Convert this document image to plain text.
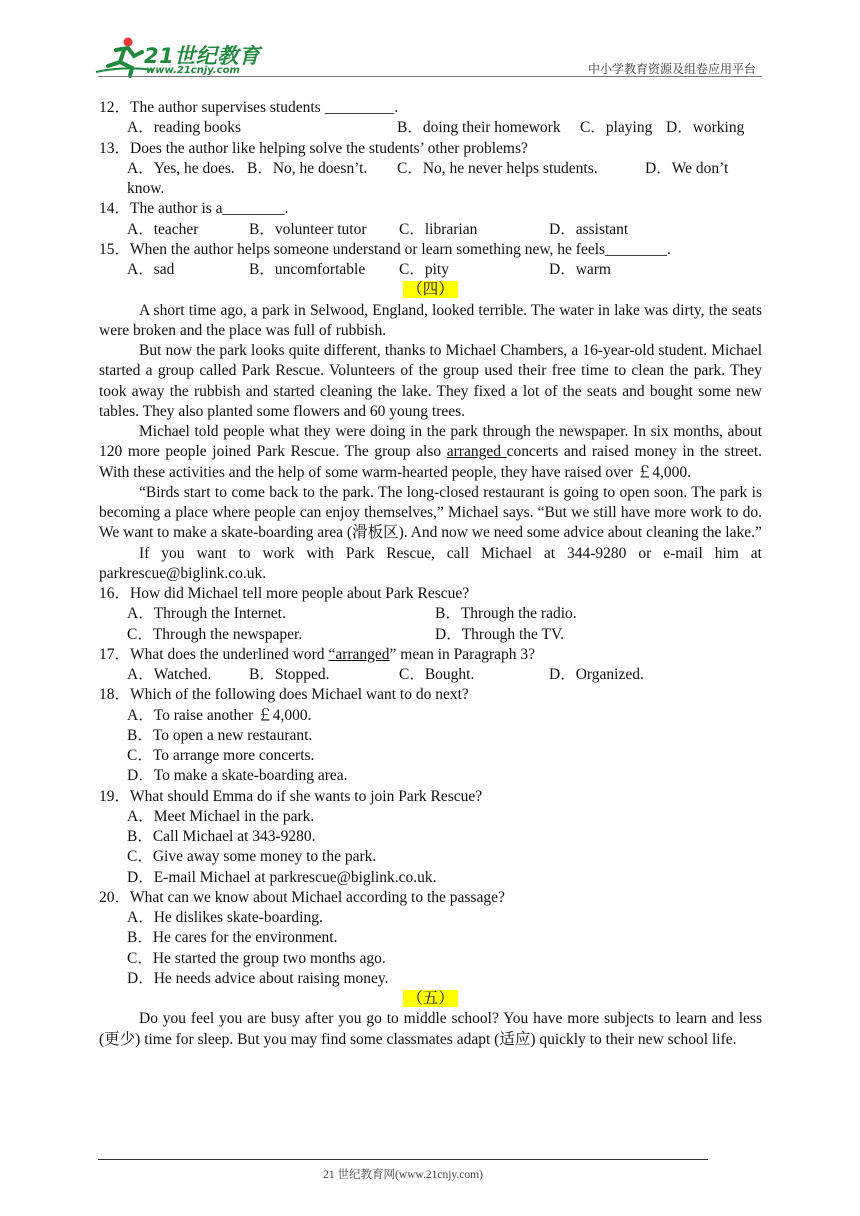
21世纪教育
www.21cnjy.com	中小学教育资源及组卷应用平台

12．The author supervises students _________.

A．reading books	B．doing their homework	C．playing D．working

13．Does the author like helping solve the students’ other problems?

A．Yes, he does. B．No, he doesn’t.	C．No, he never helps students.	D．We don’t

know.

14．The author is a________.

A．teacher	B．volunteer tutor	C．librarian	D．assistant

15．When the author helps someone understand or learn something new, he feels________.

A．sad	B．uncomfortable	C．pity	D．warm

（四）

A short time ago, a park in Selwood, England, looked terrible. The water in lake was dirty, the seats were broken and the place was full of rubbish.

But now the park looks quite different, thanks to Michael Chambers, a 16-year-old student. Michael started a group called Park Rescue. Volunteers of the group used their free time to clean the park. They took away the rubbish and started cleaning the lake. They fixed a lot of the seats and bought some new tables. They also planted some flowers and 60 young trees.

Michael told people what they were doing in the park through the newspaper. In six months, about 120 more people joined Park Rescue. The group also arranged concerts and raised money in the street. With these activities and the help of some warm-hearted people, they have raised over ￡4,000.

“Birds start to come back to the park. The long-closed restaurant is going to open soon. The park is becoming a place where people can enjoy themselves,” Michael says. “But we still have more work to do. We want to make a skate-boarding area (滑板区). And now we need some advice about cleaning the lake.”

If you want to work with Park Rescue, call Michael at 344-9280 or e-mail him at parkrescue@biglink.co.uk.

16．How did Michael tell more people about Park Rescue?

A．Through the Internet.	B．Through the radio.

C．Through the newspaper.	D．Through the TV.

17．What does the underlined word “arranged” mean in Paragraph 3?

A．Watched.	B．Stopped.	C．Bought.	D．Organized.

18．Which of the following does Michael want to do next?

A．To raise another ￡4,000.

B．To open a new restaurant.

C．To arrange more concerts.

D．To make a skate-boarding area.

19．What should Emma do if she wants to join Park Rescue?

A．Meet Michael in the park.

B．Call Michael at 343-9280.

C．Give away some money to the park.

D．E-mail Michael at parkrescue@biglink.co.uk.

20．What can we know about Michael according to the passage?

A．He dislikes skate-boarding.

B．He cares for the environment.

C．He started the group two months ago.

D．He needs advice about raising money.

（五）

Do you feel you are busy after you go to middle school? You have more subjects to learn and less (更少) time for sleep. But you may find some classmates adapt (适应) quickly to their new school life.

21 世纪教育网(www.21cnjy.com)
